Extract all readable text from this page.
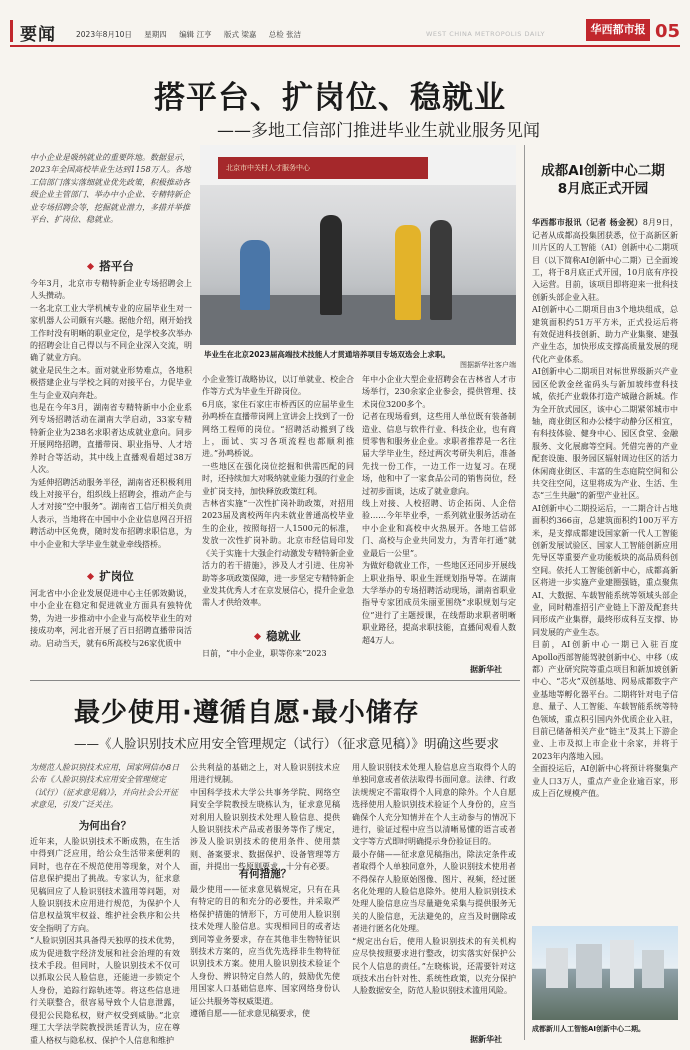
要闻	2023年8月10日 星期四 编辑 江亨 版式 梁嘉 总检 张洁	WEST CHINA METROPOLIS DAILY	华西都市报 05
搭平台、扩岗位、稳就业
——多地工信部门推进毕业生就业服务见闻
中小企业是吸纳就业的重要阵地。数据显示，2023年全国高校毕业生达到1158万人。各地工信部门落实落细就业优先政策，积极推动各级企业主管部门、举办中小企业、专精特新企业专场招聘会等，挖掘就业潜力，多措并举推平台、扩岗位、稳就业。
搭平台
今年3月，北京市专精特新企业专场招聘会上人头攒动。
一名北京工业大学机械专业的应届毕业生对一家机器人公司颇有兴趣。据他介绍，刚开始找工作时没有明晰的职业定位，是学校多次举办的招聘会让自己得以与不同企业深入交流，明确了就业方向。
就业是民生之本。面对就业形势难点，各地积极搭建企业与学校之间的对接平台，力促毕业生与企业双向奔赴。
也是在今年3月，湖南省专精特新中小企业系列专场招聘活动在湖南大学启动，33家专精特新企业为238名求职者达成就业意向。同步开展网络招聘，直播带岗、职业指导、人才培养时合等活动，其中线上直播观看超过38万人次。
为延伸招聘活动服务半径，湖南省还积极利用线上对接平台，组织线上招聘会，推动产企与人才对接“空中服务”。湖南省工信厅相关负责人表示，当地将在中国中小企业信息网召开招聘活动中区免费，随时发布招聘求职信息，为中小企业和大学毕业生就业牵线搭桥。
扩岗位
河北省中小企业发展促进中心主任郭效勤说，中小企业在稳定和促进就业方面具有独特优势，为进一步推动中小企业与高校毕业生的对接成功率，河北省开展了百日招聘直播带岗活动。启动当天，就有6所高校与26家优质中
北京市中关村人才服务中心
毕业生在北京2023届高端技术技能人才贯通培养项目专场双选会上求职。
图据新华社客户端
小企业签订战略协议，以订单就业、校企合作等方式为毕业生开辟岗位。
6月底，家住石家庄市桥西区的应届毕业生孙鸣桥在直播带岗网上宣讲会上找到了一份网络工程师的岗位。“招聘活动搬到了线上，面试、实习各项流程也都顺利推进。”孙鸣桥说。
一些地区在强化岗位挖掘和供需匹配的同时，还持续加大对吸纳就业能力强的行业企业扩岗支持，加快释放政策红利。
吉林省实施“一次性扩岗补助政策，对招用2023届及离校两年内未就业普通高校毕业生的企业，按照每招一人1500元的标准，发放一次性扩岗补助。北京市经信局印发《关于实施十大强企行动激发专精特新企业活力的若干措施》，涉及人才引进、住房补助等多项政策保障，进一步坚定专精特新企业发其优秀人才在京发展信心，提升企业急需人才供给效率。
稳就业
日前，“中小企业，职等你来”2023
年中小企业大型企业招聘会在吉林省人才市场举行，230余家企业参会，提供管理、技术岗位3200多个。
记者在现场看到，这些用人单位既有装备制造业、信息与软件行业、科技企业，也有商贸零售和服务业企业。求职者推荐是一名往届大学毕业生，经过两次考研失利后，准备先找一份工作，一边工作一边复习。在现场，他和中了一家食品公司的销售岗位，经过初步面谈，达成了就业意向。
线上对接、人校招聘、访企拓岗、人企倍验……今年毕业季，一系列就业服务活动在中小企业和高校中火热展开。各地工信部门、高校与企业共同发力，为青年打通“就业最后一公里”。
为做好稳就业工作，一些地区还同步开展线上职业指导、职业生涯规划指导等。在湖南大学举办的专场招聘活动现场，湖南省职业指导专家团成员朱丽亚围绕“求职规划与定位”进行了主题授课，在线帮助求职者明晰职业路径，提高求职技能，直播间观看人数超4万人。
据新华社
成都AI创新中心二期8月底正式开园

华西都市报讯（记者 杨金祝）8月9日，记者从成都高投集团获悉，位于高新区新川片区的人工智能（AI）创新中心二期项目（以下简称AI创新中心二期）已全面竣工，将于8月底正式开园，10月底有序投入运营。目前，该项目即将迎来一批科技创新头部企业入驻。
AI创新中心二期项目由3个地块组成，总建筑面积约51万平方米，正式投运后将有效促进科技创新、助力产业集聚、建强产业生态，加快形成支撑高质量发展的现代化产业体系。
AI创新中心二期项目对标世界级新兴产业园区伦敦金丝雀码头与新加坡纬壹科技城，依托产业载体打造产城融合新城。作为全开放式园区，该中心二期紧邻城市中轴，商业街区和办公楼宇动静分区相宜，有科技体验、健身中心、园区食堂、金融服务、文化展廊等空间。凭借完善的产业配套设施、服务园区辐射周边住区的活力休闲商业街区、丰富的生态庭院空间和公共交往空间，这里将成为产业、生活、生态“三生共融”的新型产业社区。
AI创新中心二期投运后，一二期合计占地面积约366亩，总建筑面积约100万平方米，是支撑成都建设国家新一代人工智能创新发展试验区、国家人工智能创新应用先导区等重要产业功能板块的高品质科创空间。依托人工智能创新中心，成都高新区将进一步实施产业建圈强链，重点聚焦AI、大数据、车载智能系统等领域头部企业，同时精准招引产业链上下游及配套共同形成产业集群，最终形成科互支撑、协同发展的产业生态。
目前，AI创新中心一期已入驻百度Apollo西部智能驾驶创新中心、中移（成都）产业研究院等重点项目和新加坡创新中心、“芯火”双创基地、网易成都数字产业基地等孵化器平台。二期将针对电子信息、量子、人工智能、车载智能系统等特色领域，重点积引国内外优质企业入驻，目前已储备相关产业“链主”及其上下游企业、上市及拟上市企业十余家，并将于2023年内落地入园。
全面投运后，AI创新中心将预计将聚集产业人口3万人，重点产业企业逾百家，形成上百亿规模产值。

成都新川人工智能AI创新中心二期。
最少使用·遵循自愿·最小储存
——《人脸识别技术应用安全管理规定（试行）（征求意见稿）》明确这些要求
为规范人脸识别技术应用，国家网信办8日公布《人脸识别技术应用安全管理规定（试行）（征求意见稿）》，并向社会公开征求意见，引发广泛关注。
为何出台？
近年来，人脸识别技术不断成熟，在生活中得到广泛应用，给公众生活带来便利的同时，也存在不规范使用等现象，对个人信息保护提出了挑战。专家认为，征求意见稿回应了人脸识别技术滥用等问题，对人脸识别技术应用进行规范，为保护个人信息权益筑牢权益、维护社会秩序和公共安全指明了方向。
“人脸识别因其具备得天独厚的技术优势，成为促进数字经济发展和社会治理的有效技术手段。但同时，人脸识别技术不仅可以抓取公民人脸信息，还能进一步锁定个人身份，追踪行踪轨迹等。将这些信息进行关联整合，很容易导致个人信息泄露，侵犯公民隐私权，财产权受到威胁。”北京理工大学法学院教授洪延青认为，应在尊重人格权与隐私权、保护个人信息和维护
公共利益的基础之上，对人脸识别技术应用进行规制。
中国科学技术大学公共事务学院、网络空间安全学院教授左晓栋认为，征求意见稿对利用人脸识别技术处理人脸信息、提供人脸识别技术产品或者服务等作了规定，涉及人脸识别技术的使用条件、使用禁则、备案要求、数据保护、设备管理等方面，并提出一些原则要求，十分有必要。
有何措施？
最少使用——征求意见稿规定，只有在具有特定的目的和充分的必要性，并采取严格保护措施的情形下，方可使用人脸识别技术处理人脸信息。实现相同目的或者达到同等业务要求，存在其他非生物特征识别技术方案的，应当优先选择非生物特征识别技术方案。使用人脸识别技术验证个人身份、辨识特定自然人的，鼓励优先使用国家人口基础信息库、国家网络身份认证公共服务等权威渠道。
遵循自愿——征求意见稿要求，使
用人脸识别技术处理人脸信息应当取得个人的单独同意或者依法取得书面同意。法律、行政法规规定不需取得个人同意的除外。个人自愿选择使用人脸识别技术验证个人身份的，应当确保个人充分知情并在个人主动参与的情况下进行，验证过程中应当以清晰易懂的语言或者文字等方式即时明确提示身份验证目的。
最小存储——征求意见稿指出，除法定条件或者取得个人单独同意外，人脸识别技术使用者不得保存人脸原始图像、图片、视频，经过匿名化处理的人脸信息除外。使用人脸识别技术处理人脸信息应当尽量避免采集与提供服务无关的人脸信息，无法避免的，应当及时删除或者进行匿名化处理。
“规定出台后，使用人脸识别技术的有关机构应尽快按照要求进行整改，切实落实好保护公民个人信息的责任。”左晓栋说，还需要针对这项技术出台针对性、系统性政策，以充分保护人脸数据安全，防范人脸识别技术滥用风险。
据新华社
